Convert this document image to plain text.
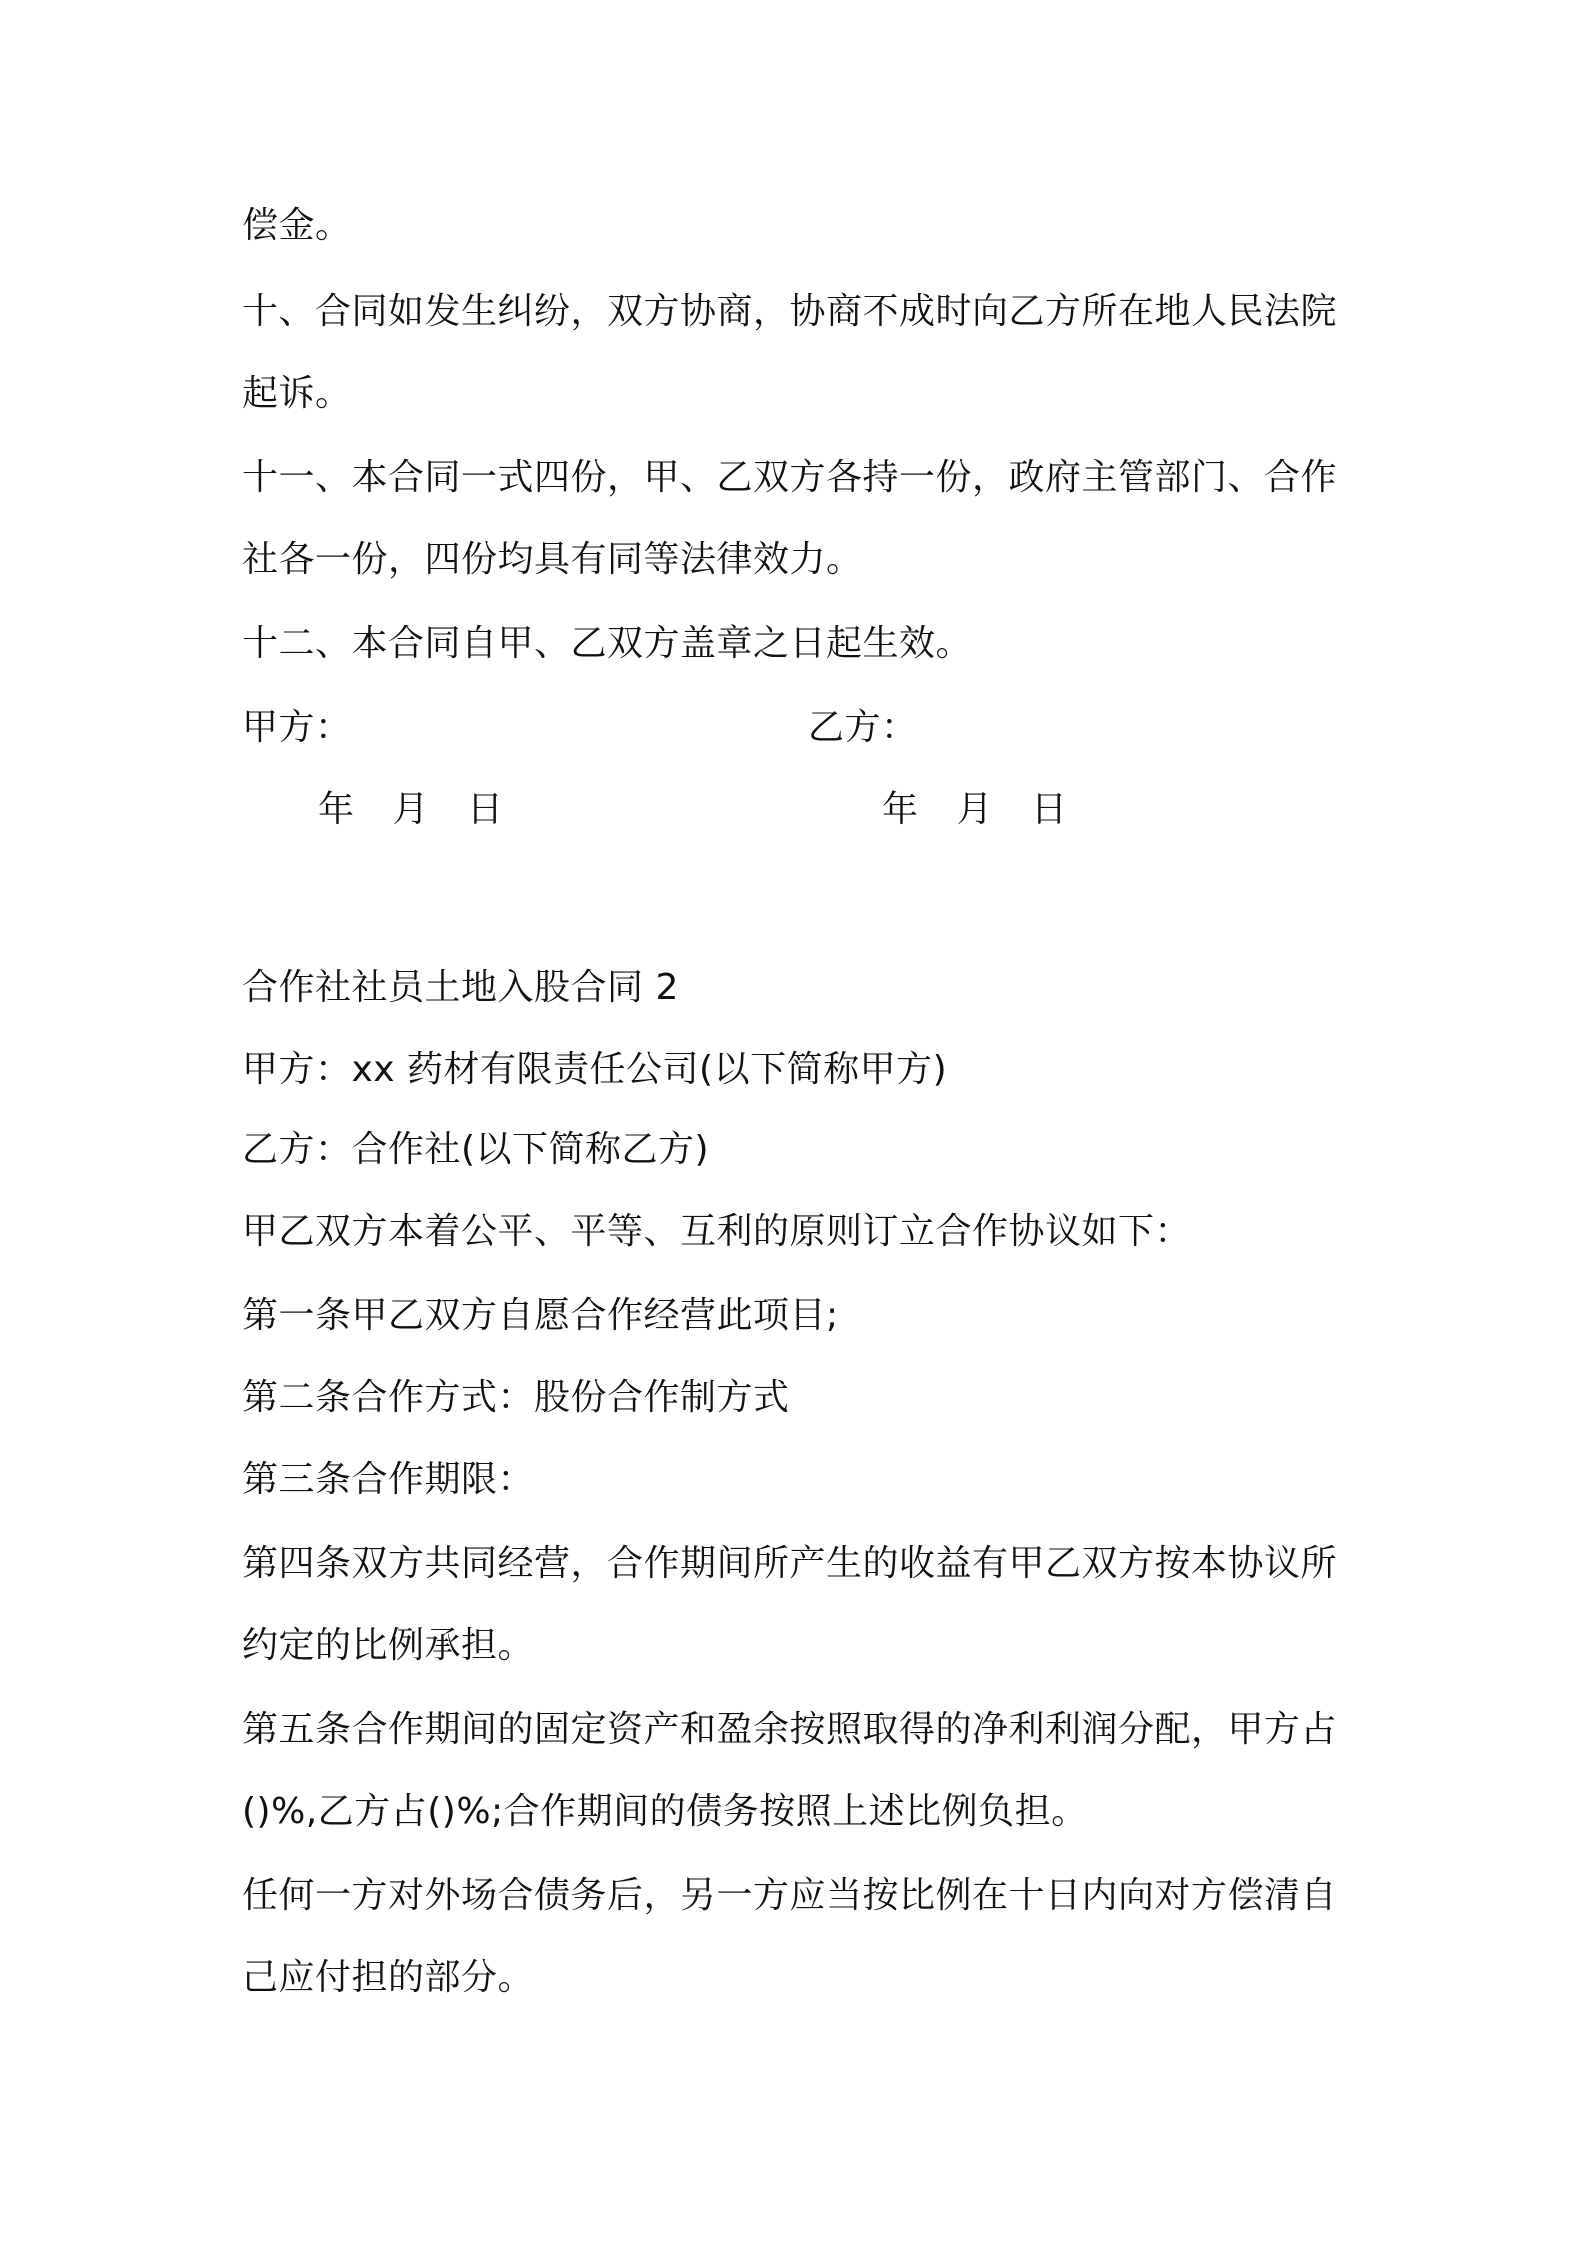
偿金。
十、合同如发生纠纷，双方协商，协商不成时向乙方所在地人民法院
起诉。
十一、本合同一式四份，甲、乙双方各持一份，政府主管部门、合作
社各一份，四份均具有同等法律效力。
十二、本合同自甲、乙双方盖章之日起生效。
甲方：	乙方：
年 月 日	年 月 日
合作社社员土地入股合同 2
甲方：xx 药材有限责任公司(以下简称甲方)
乙方：合作社(以下简称乙方)
甲乙双方本着公平、平等、互利的原则订立合作协议如下：
第一条甲乙双方自愿合作经营此项目;
第二条合作方式：股份合作制方式
第三条合作期限：
第四条双方共同经营，合作期间所产生的收益有甲乙双方按本协议所
约定的比例承担。
第五条合作期间的固定资产和盈余按照取得的净利利润分配，甲方占
()%,乙方占()%;合作期间的债务按照上述比例负担。
任何一方对外场合债务后，另一方应当按比例在十日内向对方偿清自
己应付担的部分。
